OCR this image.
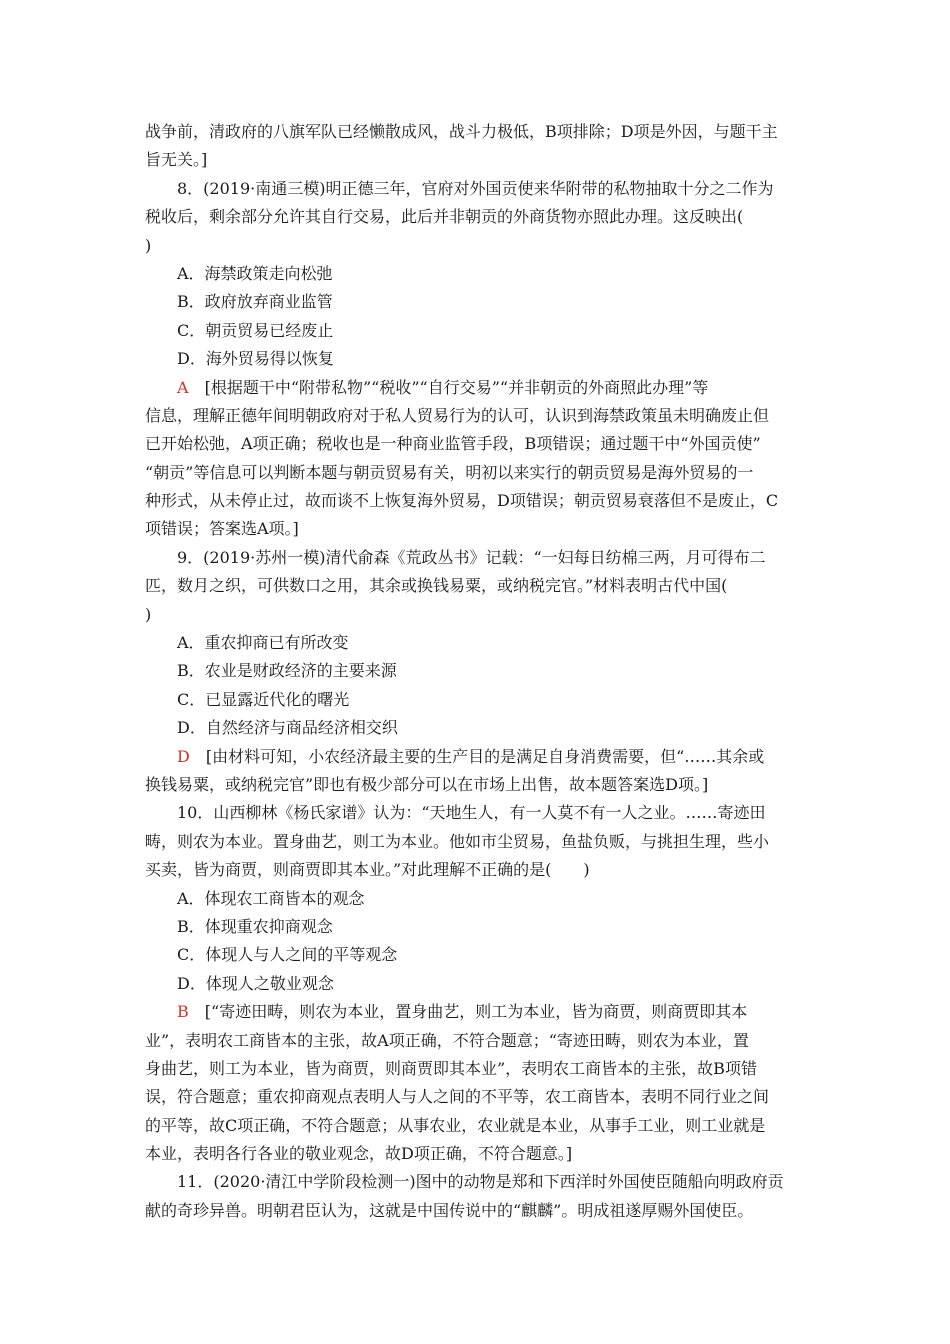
战争前，清政府的八旗军队已经懒散成风，战斗力极低，B项排除；D项是外因，与题干主
旨无关。]
8．(2019·南通三模)明正德三年，官府对外国贡使来华附带的私物抽取十分之二作为
税收后，剩余部分允许其自行交易，此后并非朝贡的外商货物亦照此办理。这反映出(
)
A．海禁政策走向松弛
B．政府放弃商业监管
C．朝贡贸易已经废止
D．海外贸易得以恢复
A　 [根据题干中“附带私物”“税收”“自行交易”“并非朝贡的外商照此办理”等
信息，理解正德年间明朝政府对于私人贸易行为的认可，认识到海禁政策虽未明确废止但
已开始松弛，A项正确；税收也是一种商业监管手段，B项错误；通过题干中“外国贡使”
“朝贡”等信息可以判断本题与朝贡贸易有关，明初以来实行的朝贡贸易是海外贸易的一
种形式，从未停止过，故而谈不上恢复海外贸易，D项错误；朝贡贸易衰落但不是废止，C
项错误；答案选A项。]
9．(2019·苏州一模)清代俞森《荒政丛书》记载：“一妇每日纺棉三两，月可得布二
匹，数月之织，可供数口之用，其余或换钱易粟，或纳税完官。”材料表明古代中国(
)
A．重农抑商已有所改变
B．农业是财政经济的主要来源
C．已显露近代化的曙光
D．自然经济与商品经济相交织
D　 [由材料可知，小农经济最主要的生产目的是满足自身消费需要，但“……其余或
换钱易粟，或纳税完官”即也有极少部分可以在市场上出售，故本题答案选D项。]
10．山西柳林《杨氏家谱》认为：“天地生人，有一人莫不有一人之业。……寄迹田
畴，则农为本业。置身曲艺，则工为本业。他如市尘贸易，鱼盐负贩，与挑担生理，些小
买卖，皆为商贾，则商贾即其本业。”对此理解不正确的是(　　)
A．体现农工商皆本的观念
B．体现重农抑商观念
C．体现人与人之间的平等观念
D．体现人之敬业观念
B　 [“寄迹田畴，则农为本业，置身曲艺，则工为本业，皆为商贾，则商贾即其本
业”，表明农工商皆本的主张，故A项正确，不符合题意；“寄迹田畴，则农为本业，置
身曲艺，则工为本业，皆为商贾，则商贾即其本业”，表明农工商皆本的主张，故B项错
误，符合题意；重农抑商观点表明人与人之间的不平等，农工商皆本，表明不同行业之间
的平等，故C项正确，不符合题意；从事农业，农业就是本业，从事手工业，则工业就是
本业，表明各行各业的敬业观念，故D项正确，不符合题意。]
11．(2020·清江中学阶段检测一)图中的动物是郑和下西洋时外国使臣随船向明政府贡
献的奇珍异兽。明朝君臣认为，这就是中国传说中的“麒麟”。明成祖遂厚赐外国使臣。
